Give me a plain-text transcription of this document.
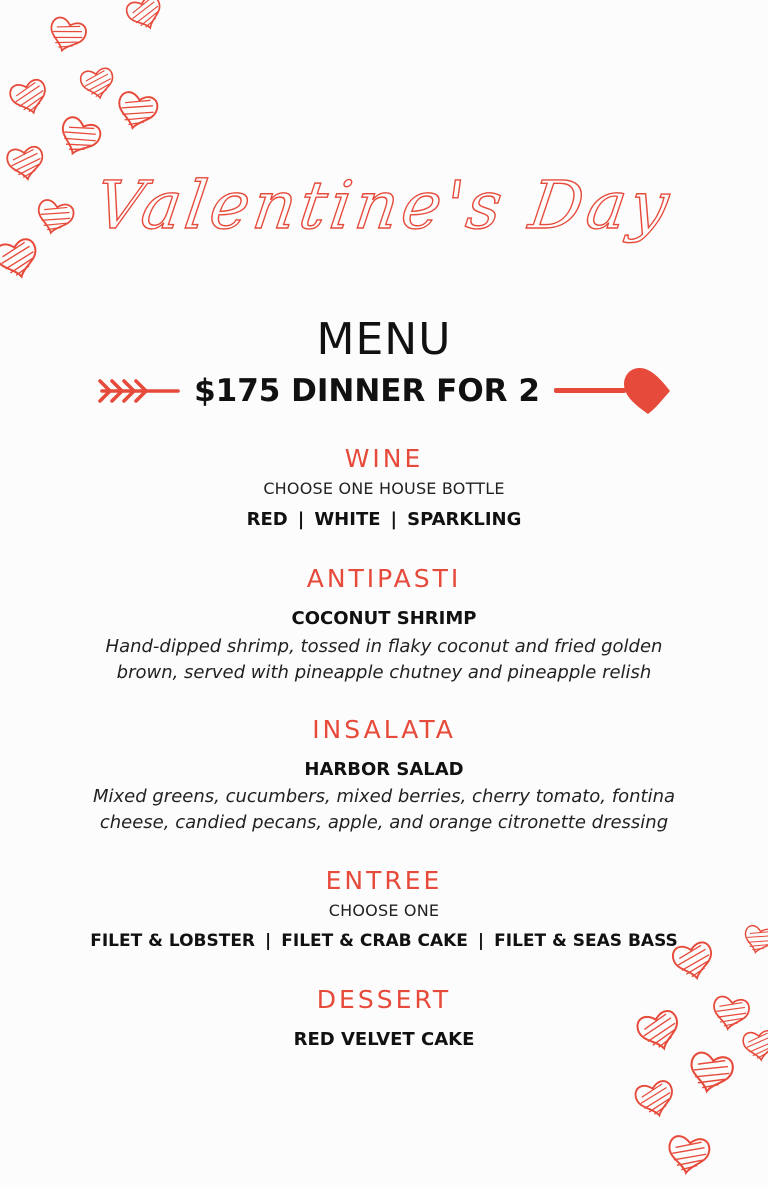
Valentine's Day
MENU
$175 DINNER FOR 2
WINE
CHOOSE ONE HOUSE BOTTLE
RED | WHITE | SPARKLING
ANTIPASTI
COCONUT SHRIMP
Hand-dipped shrimp, tossed in flaky coconut and fried golden
brown, served with pineapple chutney and pineapple relish
INSALATA
HARBOR SALAD
Mixed greens, cucumbers, mixed berries, cherry tomato, fontina
cheese, candied pecans, apple, and orange citronette dressing
ENTREE
CHOOSE ONE
FILET & LOBSTER | FILET & CRAB CAKE | FILET & SEAS BASS
DESSERT
RED VELVET CAKE
